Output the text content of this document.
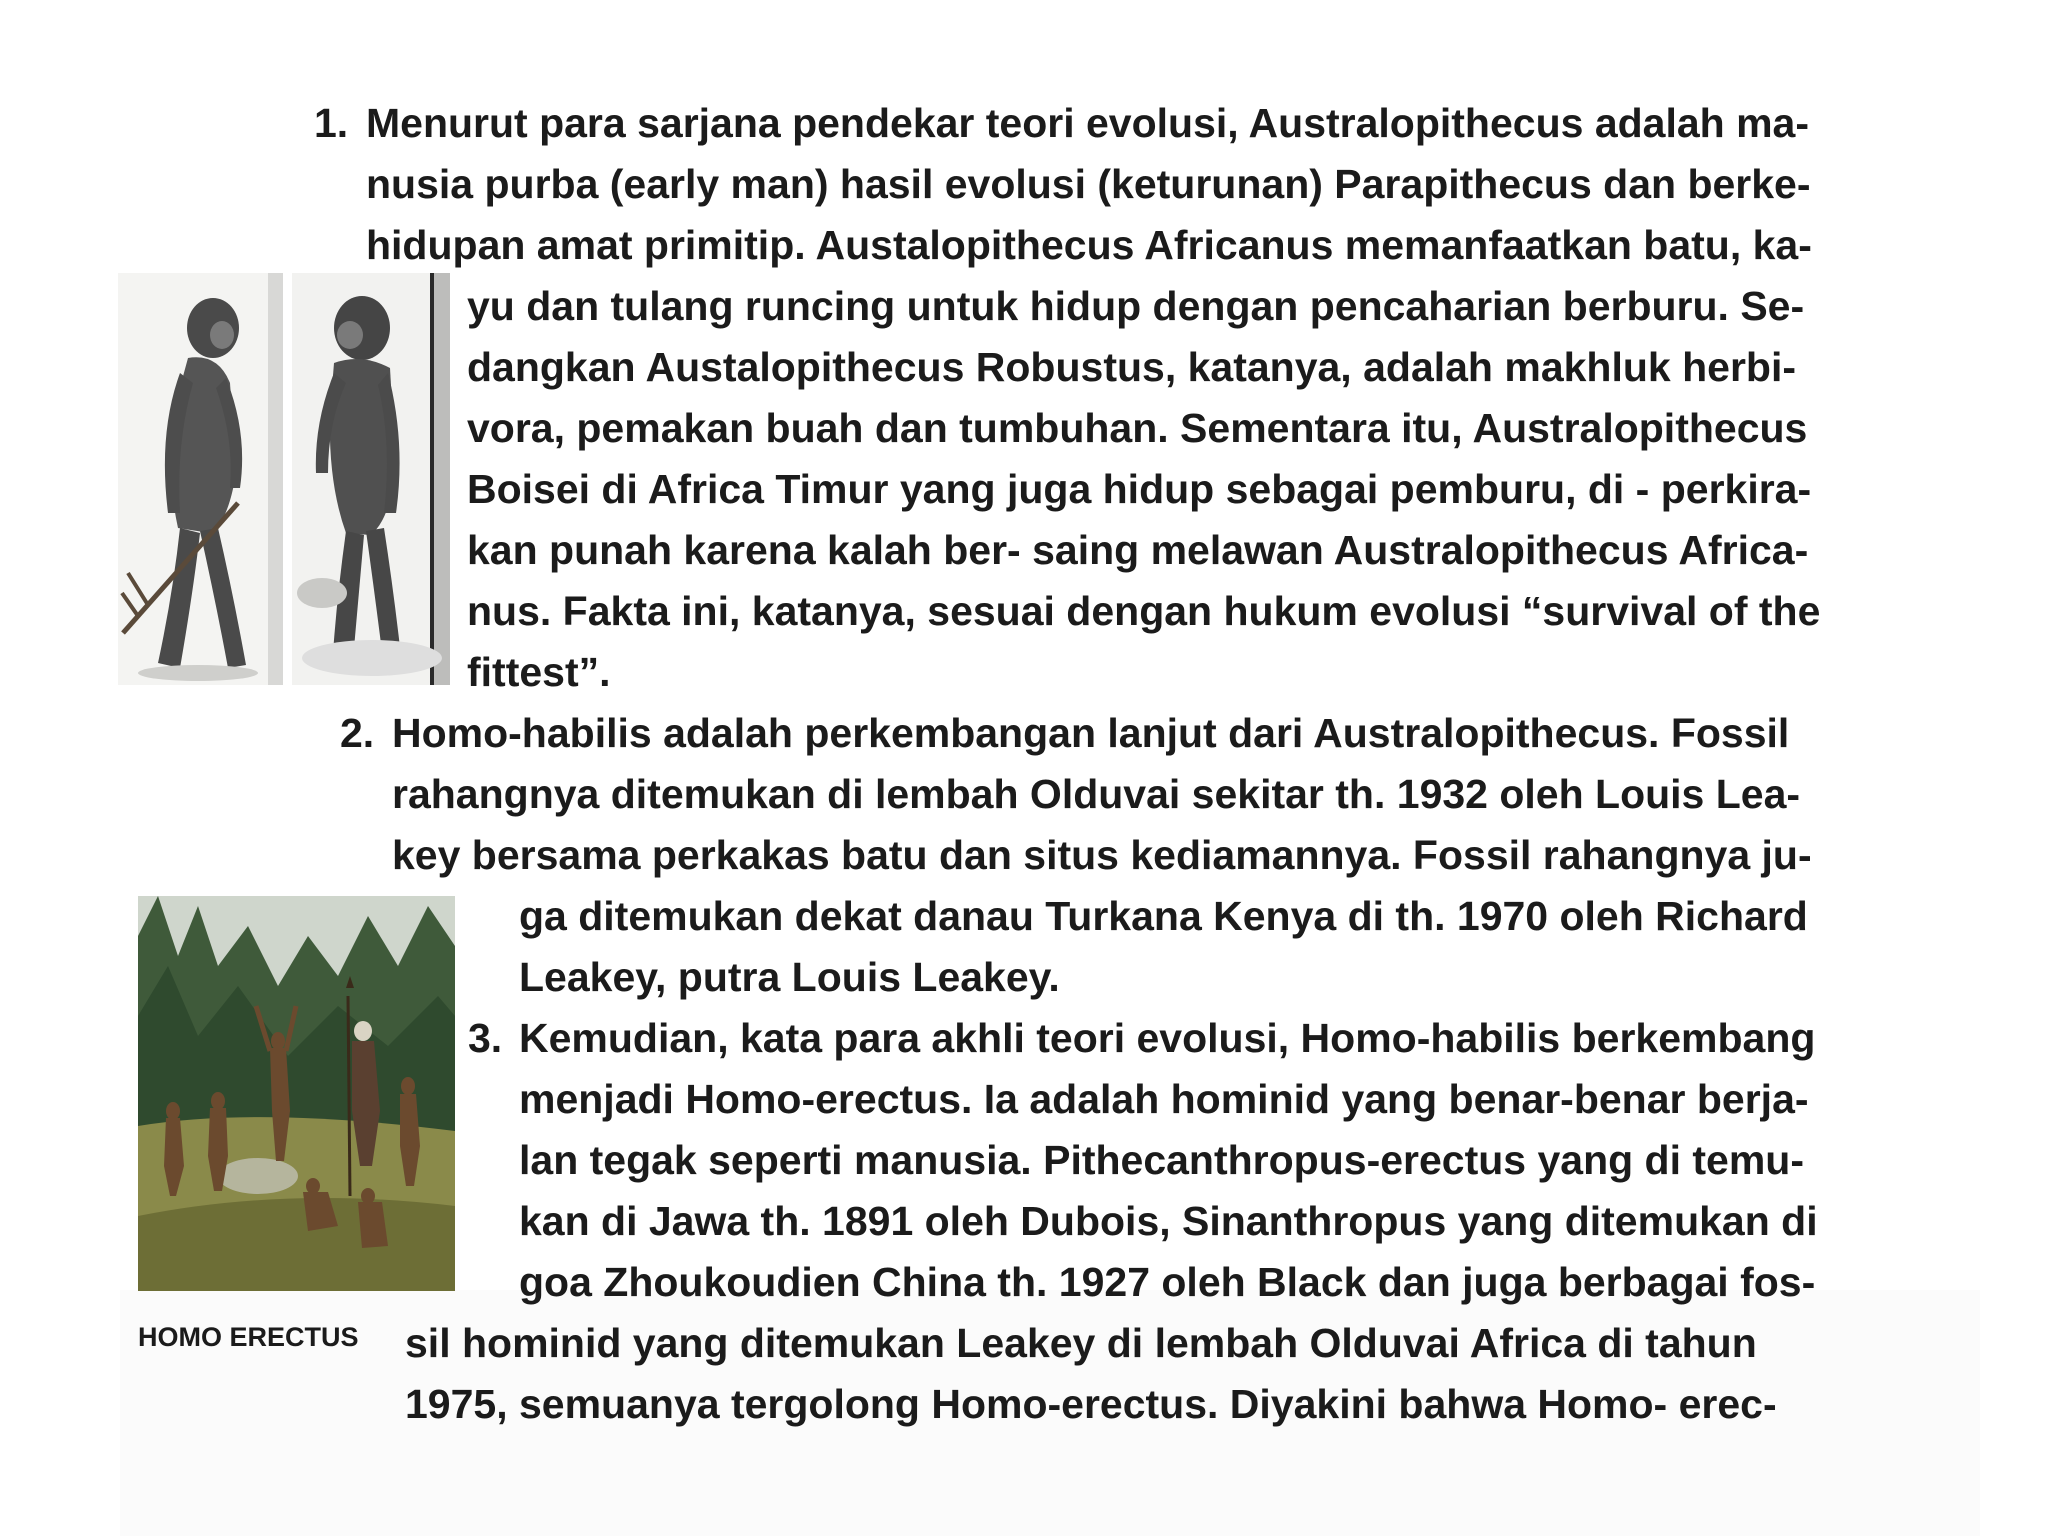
1. Menurut para sarjana pendekar teori evolusi, Australopithecus adalah ma-

nusia purba (early man) hasil evolusi (keturunan) Parapithecus dan berke-

hidupan amat primitip. Austalopithecus Africanus memanfaatkan batu, ka-

yu dan tulang runcing untuk hidup dengan pencaharian berburu. Se-

dangkan Austalopithecus Robustus, katanya, adalah makhluk herbi-

vora, pemakan buah dan tumbuhan. Sementara itu, Australopithecus

Boisei di Africa Timur yang juga hidup sebagai pemburu, di - perkira-

kan punah karena kalah ber- saing melawan Australopithecus Africa-

nus. Fakta ini, katanya, sesuai dengan hukum evolusi “survival of the

fittest”.

2. Homo-habilis adalah perkembangan lanjut dari Australopithecus. Fossil

rahangnya ditemukan di lembah Olduvai sekitar th. 1932 oleh Louis Lea-

key bersama perkakas batu dan situs kediamannya. Fossil rahangnya ju-

ga ditemukan dekat danau Turkana Kenya di th. 1970 oleh Richard

Leakey, putra Louis Leakey.

3. Kemudian, kata para akhli teori evolusi, Homo-habilis berkembang

menjadi Homo-erectus. Ia adalah hominid yang benar-benar berja-

lan tegak seperti manusia. Pithecanthropus-erectus yang di temu-

kan di Jawa th. 1891 oleh Dubois, Sinanthropus yang ditemukan di

goa Zhoukoudien China th. 1927 oleh Black dan juga berbagai fos-

sil hominid yang ditemukan Leakey di lembah Olduvai Africa di tahun

1975, semuanya tergolong Homo-erectus. Diyakini bahwa Homo- erec-

HOMO ERECTUS
